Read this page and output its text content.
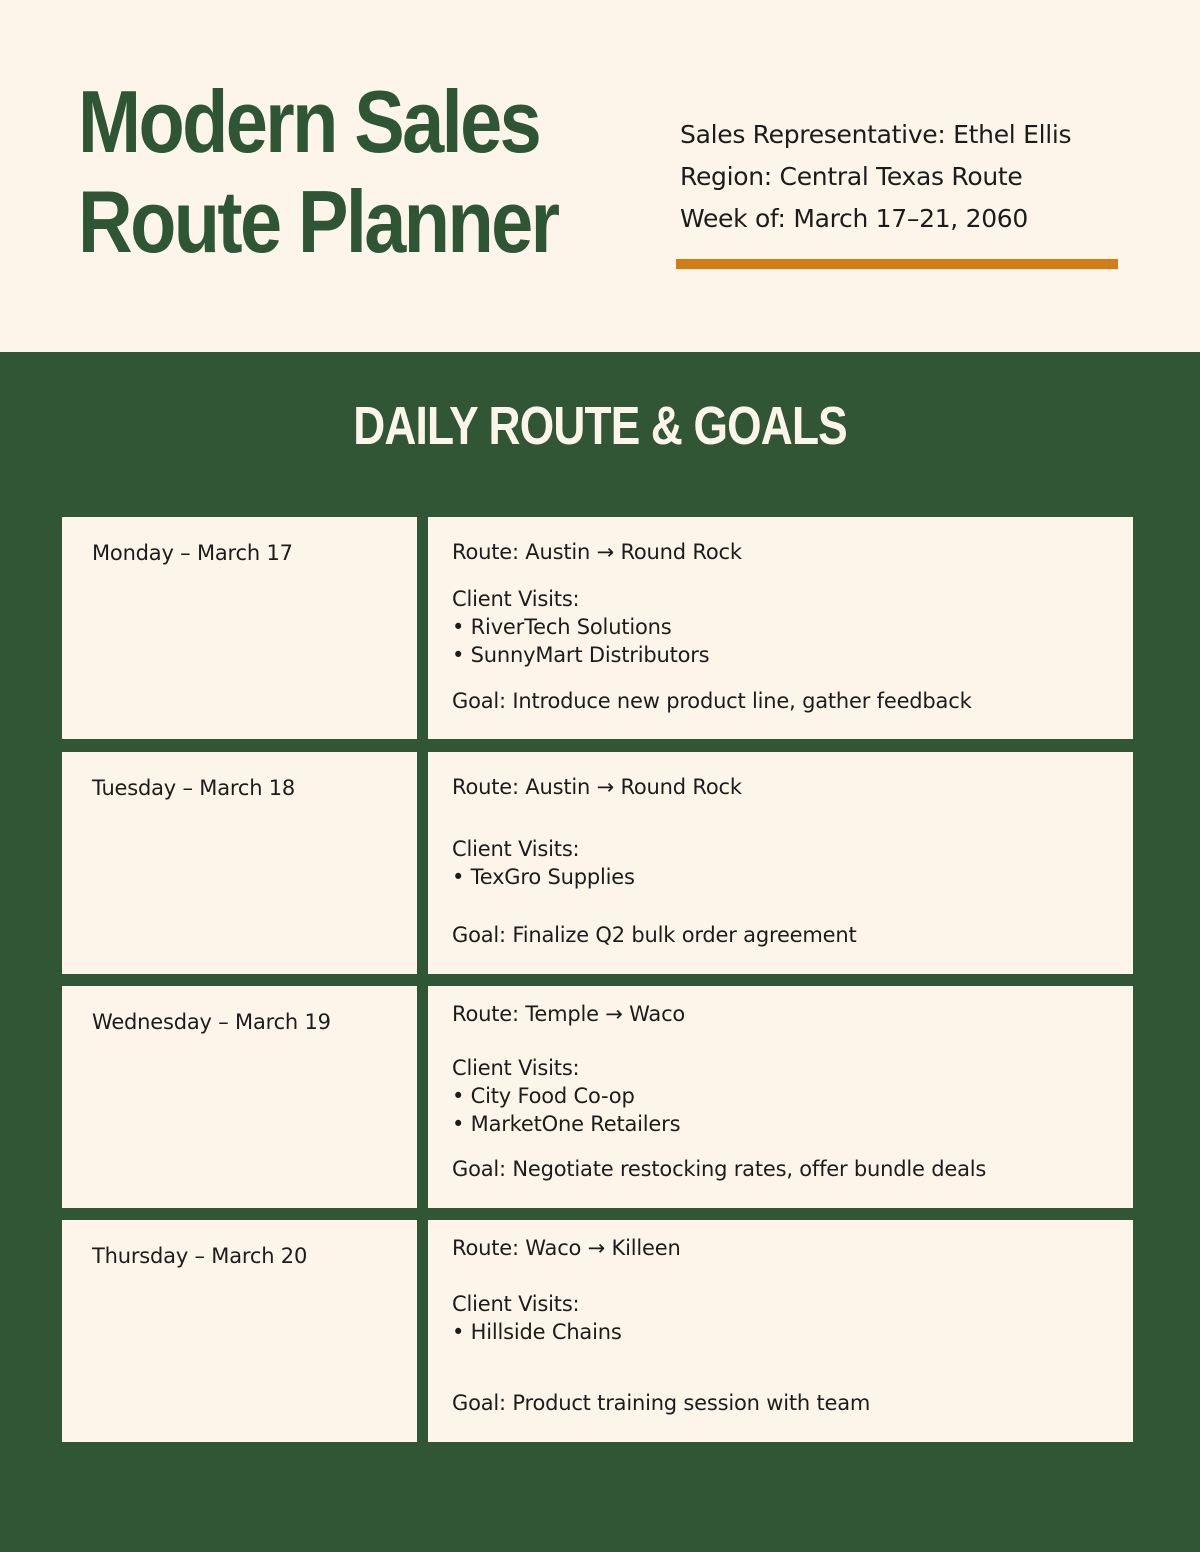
Modern Sales
Route Planner
Sales Representative: Ethel Ellis
Region: Central Texas Route
Week of: March 17–21, 2060
DAILY ROUTE & GOALS
Monday – March 17	Route: Austin → Round Rock
Client Visits:
• RiverTech Solutions
• SunnyMart Distributors
Goal: Introduce new product line, gather feedback
Tuesday – March 18	Route: Austin → Round Rock
Client Visits:
• TexGro Supplies
Goal: Finalize Q2 bulk order agreement
Wednesday – March 19	Route: Temple → Waco
Client Visits:
• City Food Co-op
• MarketOne Retailers
Goal: Negotiate restocking rates, offer bundle deals
Thursday – March 20	Route: Waco → Killeen
Client Visits:
• Hillside Chains
Goal: Product training session with team
